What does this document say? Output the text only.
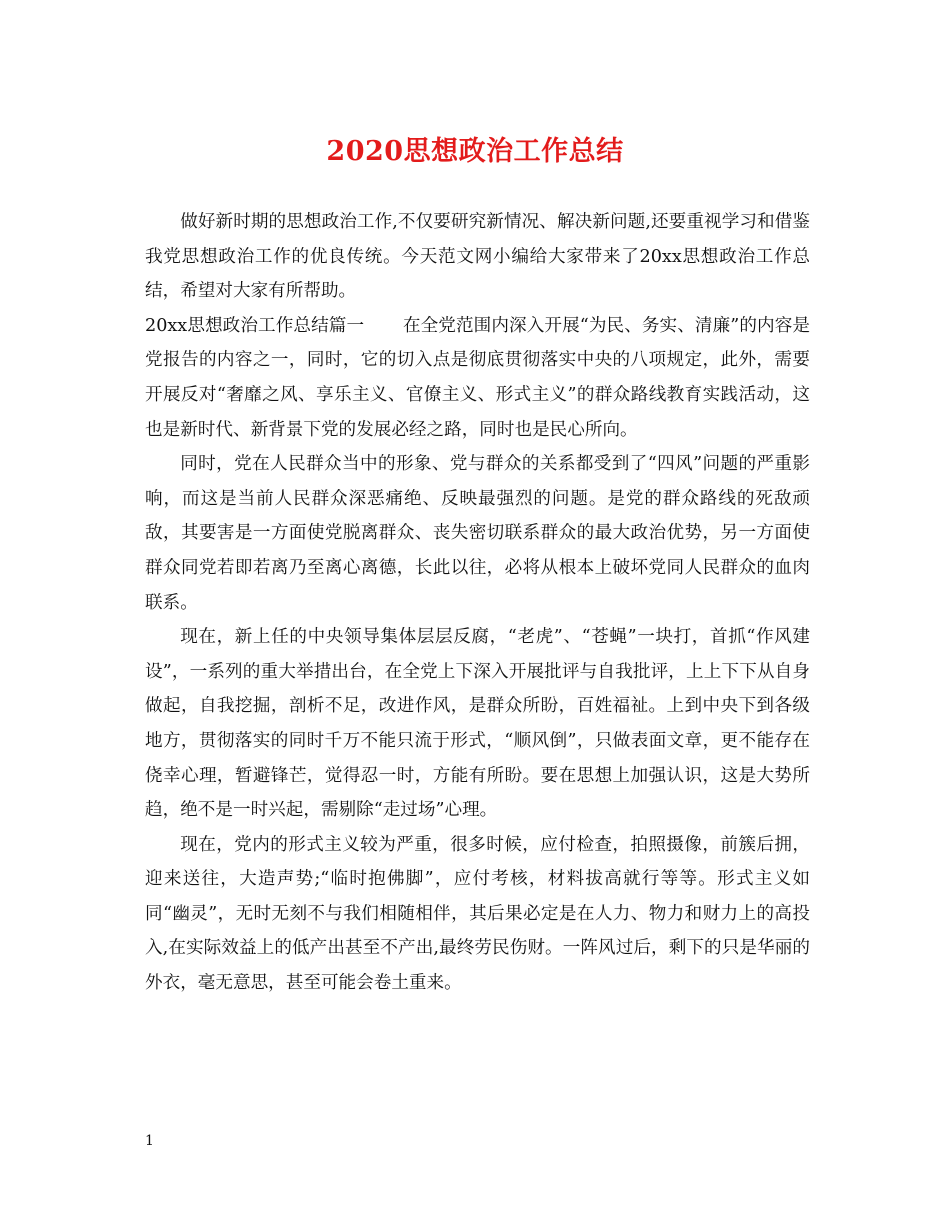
2020思想政治工作总结

做好新时期的思想政治工作,不仅要研究新情况、解决新问题,还要重视学习和借鉴我党思想政治工作的优良传统。今天范文网小编给大家带来了20xx思想政治工作总结，希望对大家有所帮助。

20xx思想政治工作总结篇一 在全党范围内深入开展“为民、务实、清廉”的内容是党报告的内容之一，同时，它的切入点是彻底贯彻落实中央的八项规定，此外，需要开展反对“奢靡之风、享乐主义、官僚主义、形式主义”的群众路线教育实践活动，这也是新时代、新背景下党的发展必经之路，同时也是民心所向。

同时，党在人民群众当中的形象、党与群众的关系都受到了“四风”问题的严重影响，而这是当前人民群众深恶痛绝、反映最强烈的问题。是党的群众路线的死敌顽敌，其要害是一方面使党脱离群众、丧失密切联系群众的最大政治优势，另一方面使群众同党若即若离乃至离心离德，长此以往，必将从根本上破坏党同人民群众的血肉联系。

现在，新上任的中央领导集体层层反腐，“老虎”、“苍蝇”一块打，首抓“作风建设”，一系列的重大举措出台，在全党上下深入开展批评与自我批评，上上下下从自身做起，自我挖掘，剖析不足，改进作风，是群众所盼，百姓福祉。上到中央下到各级地方，贯彻落实的同时千万不能只流于形式，“顺风倒”，只做表面文章，更不能存在侥幸心理，暂避锋芒，觉得忍一时，方能有所盼。要在思想上加强认识，这是大势所趋，绝不是一时兴起，需剔除“走过场”心理。

现在，党内的形式主义较为严重，很多时候，应付检查，拍照摄像，前簇后拥，迎来送往，大造声势;“临时抱佛脚”，应付考核，材料拔高就行等等。形式主义如同“幽灵”，无时无刻不与我们相随相伴，其后果必定是在人力、物力和财力上的高投入,在实际效益上的低产出甚至不产出,最终劳民伤财。一阵风过后，剩下的只是华丽的外衣，毫无意思，甚至可能会卷土重来。

1
